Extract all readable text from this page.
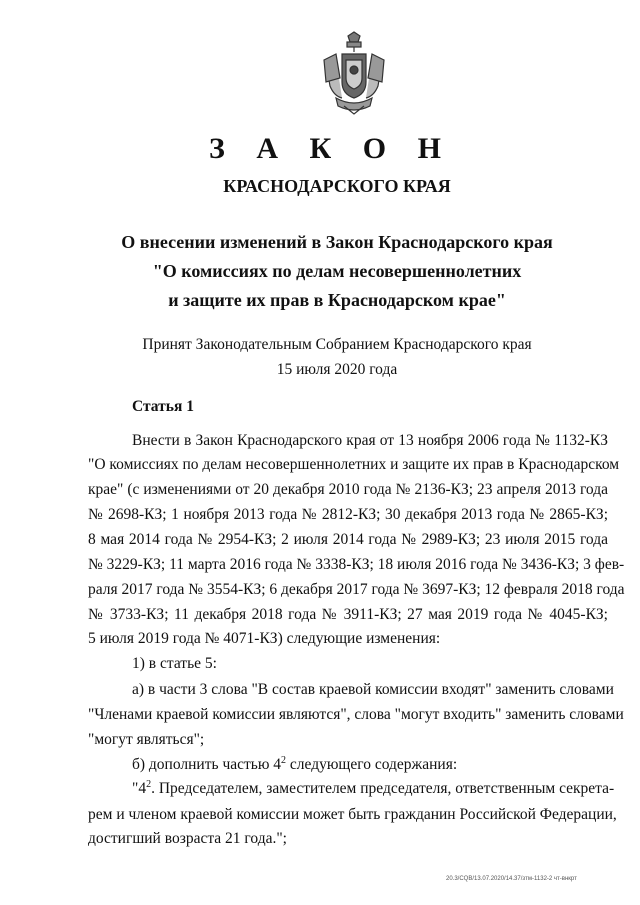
З А К О Н
КРАСНОДАРСКОГО КРАЯ
О внесении изменений в Закон Краснодарского края
"О комиссиях по делам несовершеннолетних
и защите их прав в Краснодарском крае"
Принят Законодательным Собранием Краснодарского края
15 июля 2020 года
Статья 1
Внести в Закон Краснодарского края от 13 ноября 2006 года № 1132-КЗ
"О комиссиях по делам несовершеннолетних и защите их прав в Краснодарском
крае" (с изменениями от 20 декабря 2010 года № 2136-КЗ; 23 апреля 2013 года
№ 2698-КЗ; 1 ноября 2013 года № 2812-КЗ; 30 декабря 2013 года № 2865-КЗ;
8 мая 2014 года № 2954-КЗ; 2 июля 2014 года № 2989-КЗ; 23 июля 2015 года
№ 3229-КЗ; 11 марта 2016 года № 3338-КЗ; 18 июля 2016 года № 3436-КЗ; 3 фев-
раля 2017 года № 3554-КЗ; 6 декабря 2017 года № 3697-КЗ; 12 февраля 2018 года
№ 3733-КЗ; 11 декабря 2018 года № 3911-КЗ; 27 мая 2019 года № 4045-КЗ;
5 июля 2019 года № 4071-КЗ) следующие изменения:
1) в статье 5:
а) в части 3 слова "В состав краевой комиссии входят" заменить словами
"Членами краевой комиссии являются", слова "могут входить" заменить словами
"могут являться";
б) дополнить частью $4^2$ следующего содержания:
"$4^2$. Председателем, заместителем председателя, ответственным секрета-
рем и членом краевой комиссии может быть гражданин Российской Федерации,
достигший возраста 21 года.";
20.3/CQB/13.07.2020/14.37/зтм-1132-2 чт-внкрт
